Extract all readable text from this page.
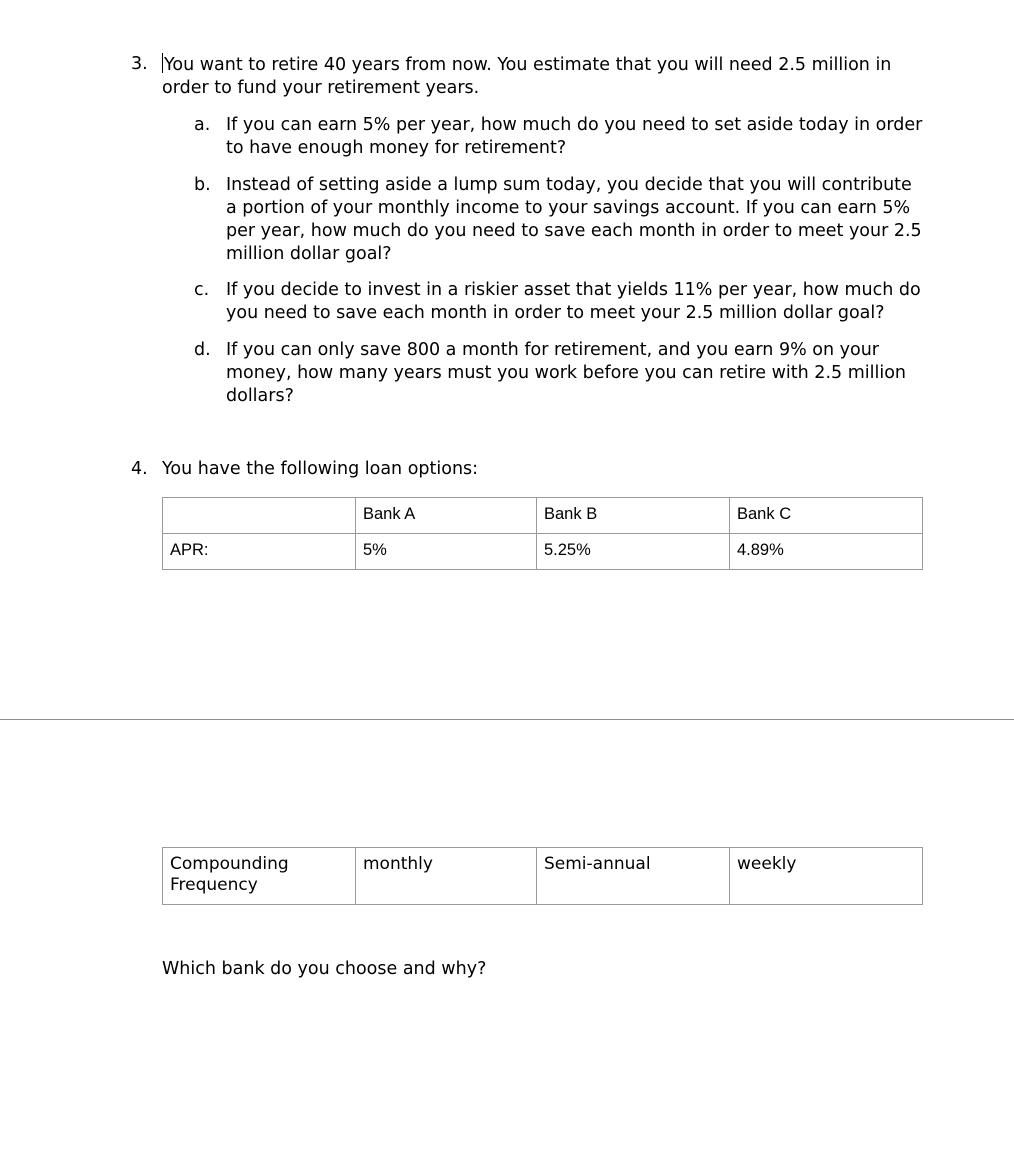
3. You want to retire 40 years from now. You estimate that you will need 2.5 million in order to fund your retirement years.
a. If you can earn 5% per year, how much do you need to set aside today in order to have enough money for retirement?
b. Instead of setting aside a lump sum today, you decide that you will contribute a portion of your monthly income to your savings account. If you can earn 5% per year, how much do you need to save each month in order to meet your 2.5 million dollar goal?
c. If you decide to invest in a riskier asset that yields 11% per year, how much do you need to save each month in order to meet your 2.5 million dollar goal?
d. If you can only save 800 a month for retirement, and you earn 9% on your money, how many years must you work before you can retire with 2.5 million dollars?
4. You have the following loan options:
	Bank A	Bank B	Bank C
APR:	5%	5.25%	4.89%
Compounding Frequency	monthly	Semi-annual	weekly
Which bank do you choose and why?
